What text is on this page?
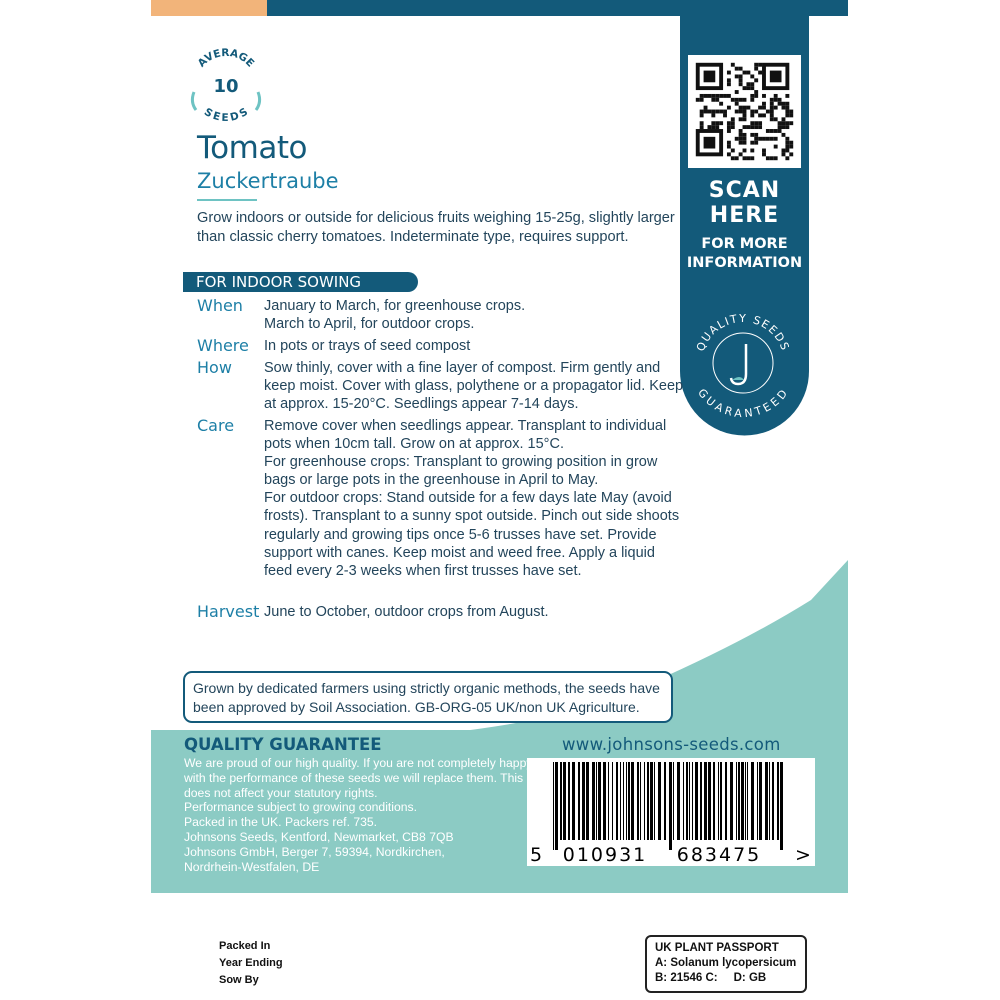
SCAN
HERE
FOR MORE
INFORMATION
QUALITY SEEDS
GUARANTEED
AVERAGE
10
SEEDS
Tomato
Zuckertraube
Grow indoors or outside for delicious fruits weighing 15-25g, slightly larger than classic cherry tomatoes. Indeterminate type, requires support.
FOR INDOOR SOWING
When January to March, for greenhouse crops.
March to April, for outdoor crops.
Where In pots or trays of seed compost
How Sow thinly, cover with a fine layer of compost. Firm gently and keep moist. Cover with glass, polythene or a propagator lid. Keep at approx. 15-20°C. Seedlings appear 7-14 days.
Care Remove cover when seedlings appear. Transplant to individual pots when 10cm tall. Grow on at approx. 15°C.
For greenhouse crops: Transplant to growing position in grow bags or large pots in the greenhouse in April to May.
For outdoor crops: Stand outside for a few days late May (avoid frosts). Transplant to a sunny spot outside. Pinch out side shoots regularly and growing tips once 5-6 trusses have set. Provide support with canes. Keep moist and weed free. Apply a liquid feed every 2-3 weeks when first trusses have set.
Harvest June to October, outdoor crops from August.
Grown by dedicated farmers using strictly organic methods, the seeds have been approved by Soil Association. GB-ORG-05 UK/non UK Agriculture.
QUALITY GUARANTEE
We are proud of our high quality. If you are not completely happy with the performance of these seeds we will replace them. This does not affect your statutory rights.
Performance subject to growing conditions.
Packed in the UK. Packers ref. 735.
Johnsons Seeds, Kentford, Newmarket, CB8 7QB
Johnsons GmbH, Berger 7, 59394, Nordkirchen,
Nordrhein-Westfalen, DE
www.johnsons-seeds.com
5 010931 683475 >
Packed In
Year Ending
Sow By
UK PLANT PASSPORT
A: Solanum lycopersicum
B: 21546 C:     D: GB
